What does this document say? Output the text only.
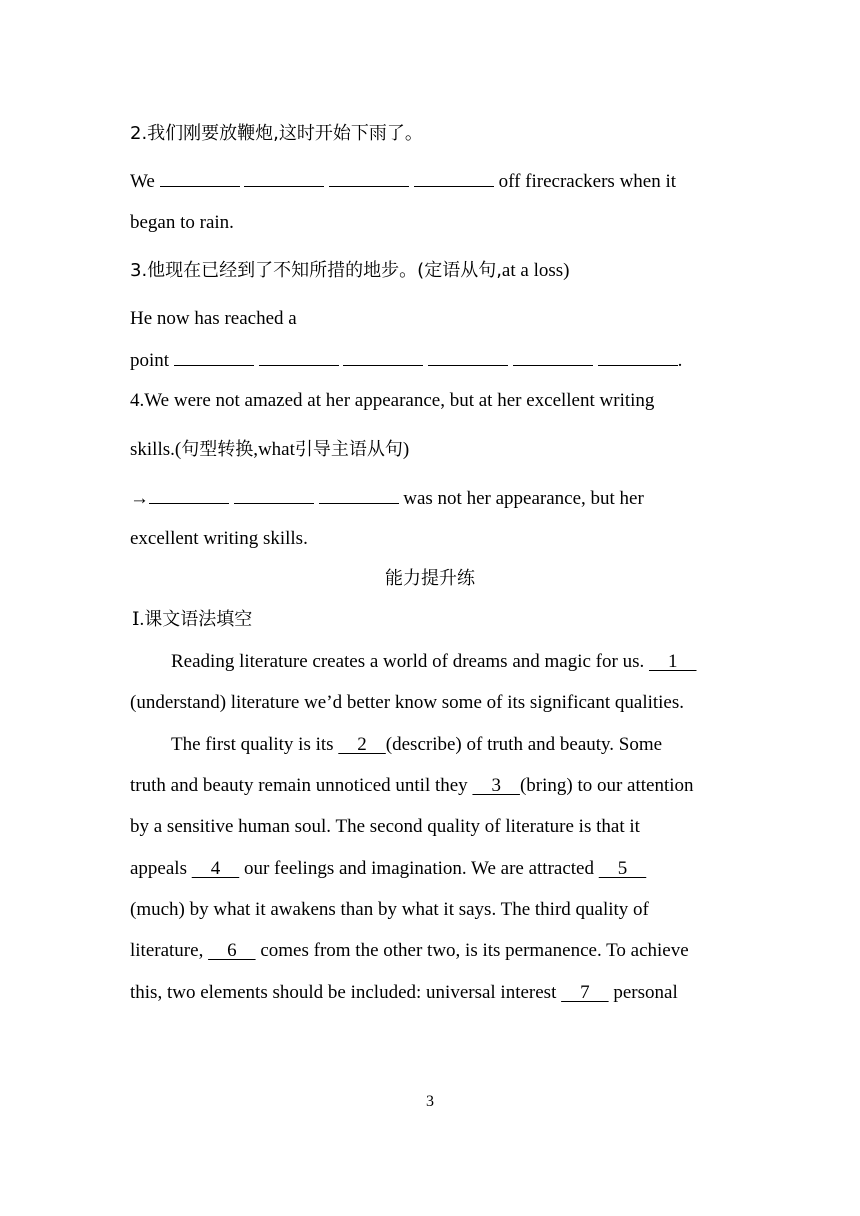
2.我们刚要放鞭炮,这时开始下雨了。
We	off firecrackers when it
began to rain.
3.他现在已经到了不知所措的地步。(定语从句,at a loss)
He now has reached a
point	.
4.We were not amazed at her appearance, but at her excellent writing
skills.(句型转换,what引导主语从句)
→	was not her appearance, but her
excellent writing skills.
能力提升练
Ⅰ.课文语法填空
Reading literature creates a world of dreams and magic for us.     1
(understand) literature we’d better know some of its significant qualities.
The first quality is its     2    (describe) of truth and beauty. Some
truth and beauty remain unnoticed until they     3    (bring) to our attention
by a sensitive human soul. The second quality of literature is that it
appeals     4     our feelings and imagination. We are attracted     5
(much) by what it awakens than by what it says. The third quality of
literature,     6     comes from the other two, is its permanence. To achieve
this, two elements should be included: universal interest     7     personal
3
